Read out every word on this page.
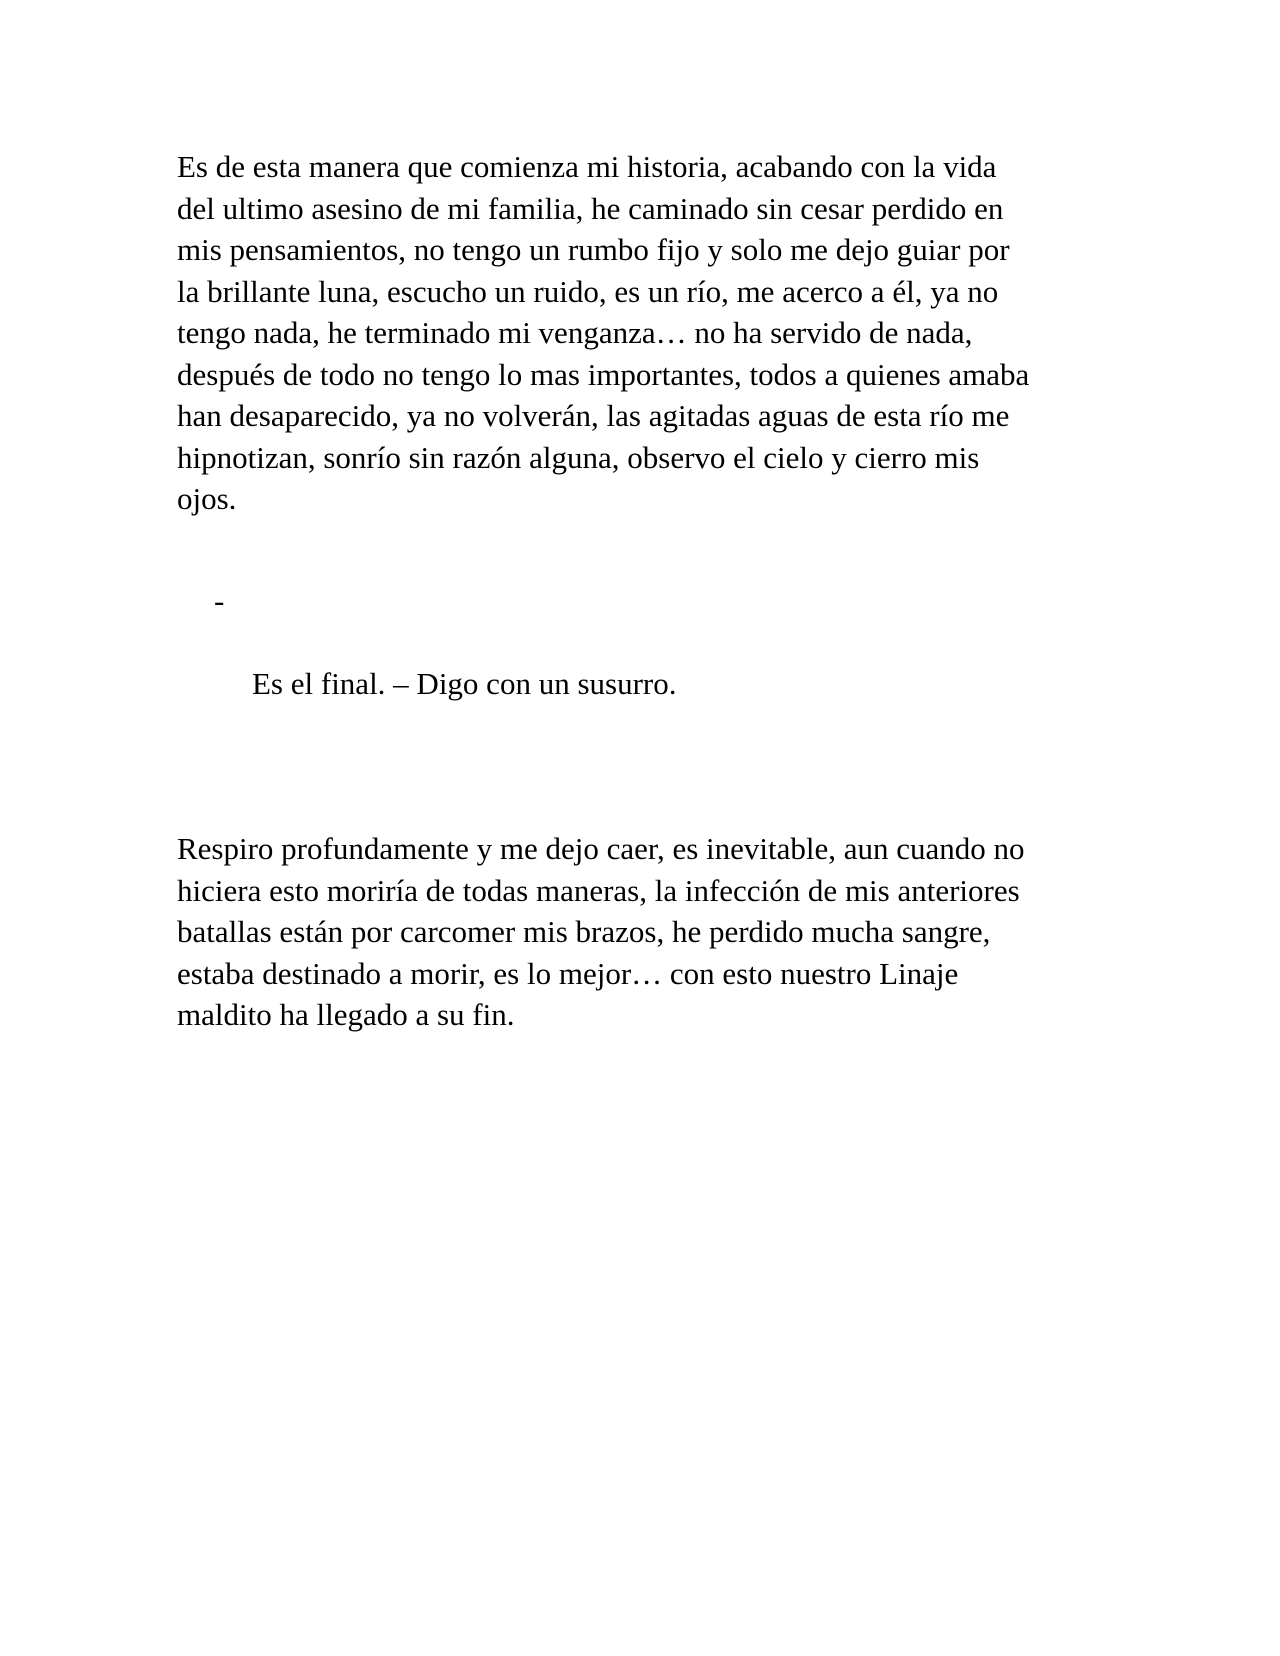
Es de esta manera que comienza mi historia, acabando con la vida
del ultimo asesino de mi familia, he caminado sin cesar perdido en
mis pensamientos, no tengo un rumbo fijo y solo me dejo guiar por
la brillante luna, escucho un ruido, es un río, me acerco a él, ya no
tengo nada, he terminado mi venganza… no ha servido de nada,
después de todo no tengo lo mas importantes, todos a quienes amaba
han desaparecido, ya no volverán, las agitadas aguas de esta río me
hipnotizan, sonrío sin razón alguna, observo el cielo y cierro mis
ojos.

-

Es el final. – Digo con un susurro.

Respiro profundamente y me dejo caer, es inevitable, aun cuando no
hiciera esto moriría de todas maneras, la infección de mis anteriores
batallas están por carcomer mis brazos, he perdido mucha sangre,
estaba destinado a morir, es lo mejor… con esto nuestro Linaje
maldito ha llegado a su fin.
